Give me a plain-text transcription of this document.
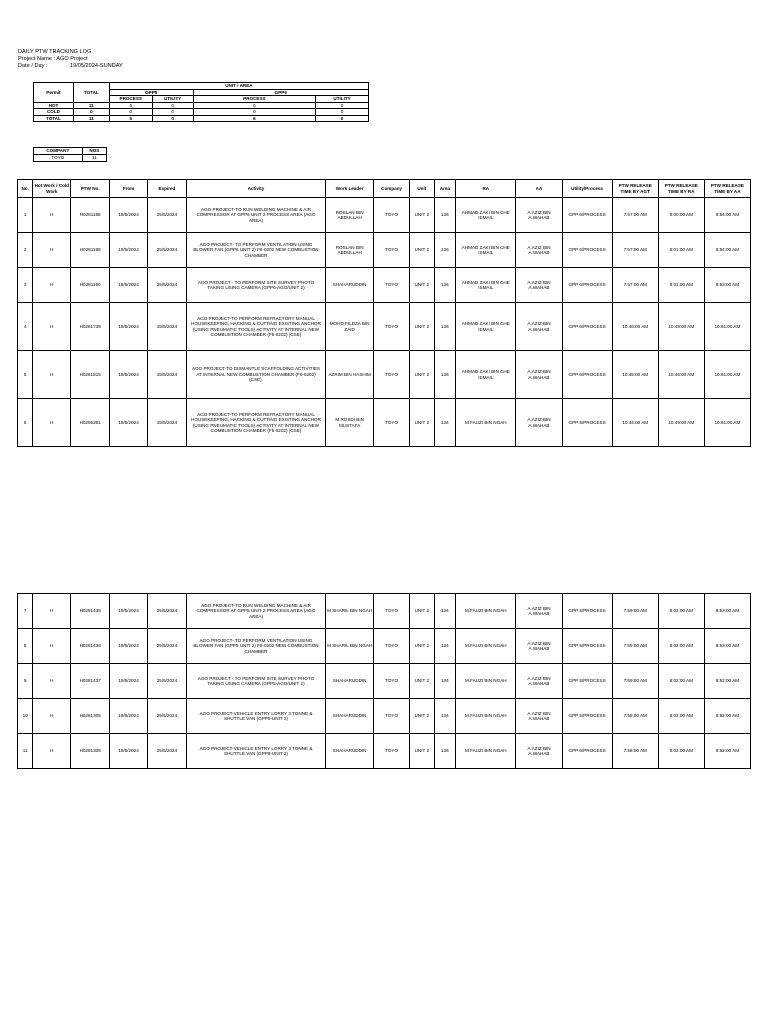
DAILY PTW TRACKING LOG
Project Name : AGO Project
Date / Day :	19/05/2024-SUNDAY
Permit	TOTAL	UNIT / AREA			
		GPP5		GPP6	
		PROCESS	UTILITY	PROCESS	UTILITY
HOT	11	5	0	6	0
COLD	0	0	0	0	0
TOTAL	11	5	0	6	0
COMPANY	NOS
TOYO	11
No.	Hot Work / Cold Work	PTW No.	From	Expired	Activity	Work Leader	Company	Unit	Area	RA	AA	Utility/Process	PTW RELEASE TIME BY AGT	PTW RELEASE TIME BY RA	PTW RELEASE TIME BY AA
1	H	H0281188	19/5/2024	25/5/2024	AGO PROJECT-TO RUN WELDING MACHINE & AIR COMPRESSOR AT GPP6 UNIT 2 PROCESS AREA (AGO AREA)	ROSLAN BIN ABDULLAH	TOYO	UNIT 2	136	AHMAD ZAKI BIN CHE ISMAIL	A.AZIZ BIN A.WAHAB	GPP 6/PROCESS	7:57:00 AM	8:00:00 AM	8:54:00 AM
2	H	H0281189	19/5/2024	25/5/2024	AGO PROJECT- TO PERFORM VENTILATION USING BLOWER FAN (GPP6 UNIT 2) F6-0202 NEW COMBUSTION CHAMBER	ROSLAN BIN ABDULLAH	TOYO	UNIT 2	136	AHMAD ZAKI BIN CHE ISMAIL	A.AZIZ BIN A.WAHAB	GPP 6/PROCESS	7:57:00 AM	8:01:00 AM	8:54:00 AM
3	H	H0281190	19/5/2024	25/5/2024	AGO PROJECT - TO PERFORM SITE SURVEY PHOTO TAKING USING CAMERA (GPP6-AGO/UNIT 2)	SHAHARUDDIN	TOYO	UNIT 2	136	AHMAD ZAKI BIN CHE ISMAIL	A.AZIZ BIN A.WAHAB	GPP 6/PROCESS	7:57:00 AM	8:01:00 AM	8:53:00 AM
4	H	H0281738	19/5/2024	19/5/2024	AGO PROJECT-TO PERFORM REFRACTORY MANUAL HOUSEKEEPING, HACKING & CUTTING EXISTING ANCHOR (USING PNEUMATIC TOOLS) ACTIVITY AT INTERNAL NEW COMBUSTION CHAMBER (F6-0202) (CSE)	MOHD FILDZA BIN ZAID	TOYO	UNIT 2	136	AHMAD ZAKI BIN CHE ISMAIL	A.AZIZ BIN A.WAHAB	GPP 6/PROCESS	10:46:00 AM	10:48:00 AM	10:51:00 AM
5	H	H0281815	19/5/2024	19/5/2024	AGO PROJECT-TO DISMANTLE SCAFFOLDING ACTIVITIES AT INTERNAL NEW COMBUSTION CHAMBER (F6-0202) (CSE).	AZRIM BIN HASHIM	TOYO	UNIT 2	136	AHMAD ZAKI BIN CHE ISMAIL	A.AZIZ BIN A.WAHAB	GPP 6/PROCESS	10:45:00 AM	10:46:00 AM	10:51:00 AM
6	H	H0255391	19/5/2024	19/5/2024	AGO PROJECT-TO PERFORM REFRACTORY MANUAL HOUSEKEEPING, HACKING & CUTTING EXISTING ANCHOR (USING PNEUMATIC TOOLS) ACTIVITY AT INTERNAL NEW COMBUSTION CHAMBER (F5-0202) (CSE)	M.ROSDI BIN MUSTAFA	TOYO	UNIT 2	134	M.FAUZI BIN NGAH	A.AZIZ BIN A.WAHAB	GPP 5/PROCESS	10:44:00 AM	10:49:00 AM	10:51:00 AM
7	H	H0281435	19/5/2024	25/5/2024	AGO PROJECT-TO RUN WELDING MACHINE & AIR COMPRESSOR AT GPP5 UNIT 2 PROCESS AREA (AGO AREA)	M SHARIL BIN NGAH	TOYO	UNIT 2	134	M.FAUZI BIN NGAH	A.AZIZ BIN A.WAHAB	GPP 5/PROCESS	7:59:00 AM	8:02:00 AM	8:53:00 AM
8	H	H0281436	19/5/2024	25/5/2024	AGO PROJECT- TO PERFORM VENTILATION USING BLOWER FAN (GPP5 UNIT 2) F5-0202 NEW COMBUSTION CHAMBER	M SHARIL BIN NGAH	TOYO	UNIT 2	134	M.FAUZI BIN NGAH	A.AZIZ BIN A.WAHAB	GPP 5/PROCESS	7:59:00 AM	8:02:00 AM	8:53:00 AM
9	H	H0281437	19/5/2024	25/5/2024	AGO PROJECT - TO PERFORM SITE SURVEY PHOTO TAKING USING CAMERA (GPP5-AGO/UNIT 2)	SHAHARUDDIN	TOYO	UNIT 2	134	M.FAUZI BIN NGAH	A.AZIZ BIN A.WAHAB	GPP 5/PROCESS	7:59:00 AM	8:02:00 AM	8:52:00 AM
10	H	H0281305	19/5/2024	25/5/2024	AGO PROJECT-VEHICLE ENTRY LORRY 3 TONNE & SHUTTLE VAN (GPP5-UNIT 2)	SHAHARUDDIN	TOYO	UNIT 2	134	M.FAUZI BIN NGAH	A.AZIZ BIN A.WAHAB	GPP 5/PROCESS	7:58:00 AM	8:02:00 AM	8:52:00 AM
11	H	H0281306	19/5/2024	25/5/2024	AGO PROJECT-VEHICLE ENTRY LORRY 3 TONNE & SHUTTLE VAN (GPP6-UNIT 2)	SHAHARUDDIN	TOYO	UNIT 2	136	M.FAUZI BIN NGAH	A.AZIZ BIN A.WAHAB	GPP 6/PROCESS	7:58:00 AM	8:02:00 AM	8:52:00 AM
